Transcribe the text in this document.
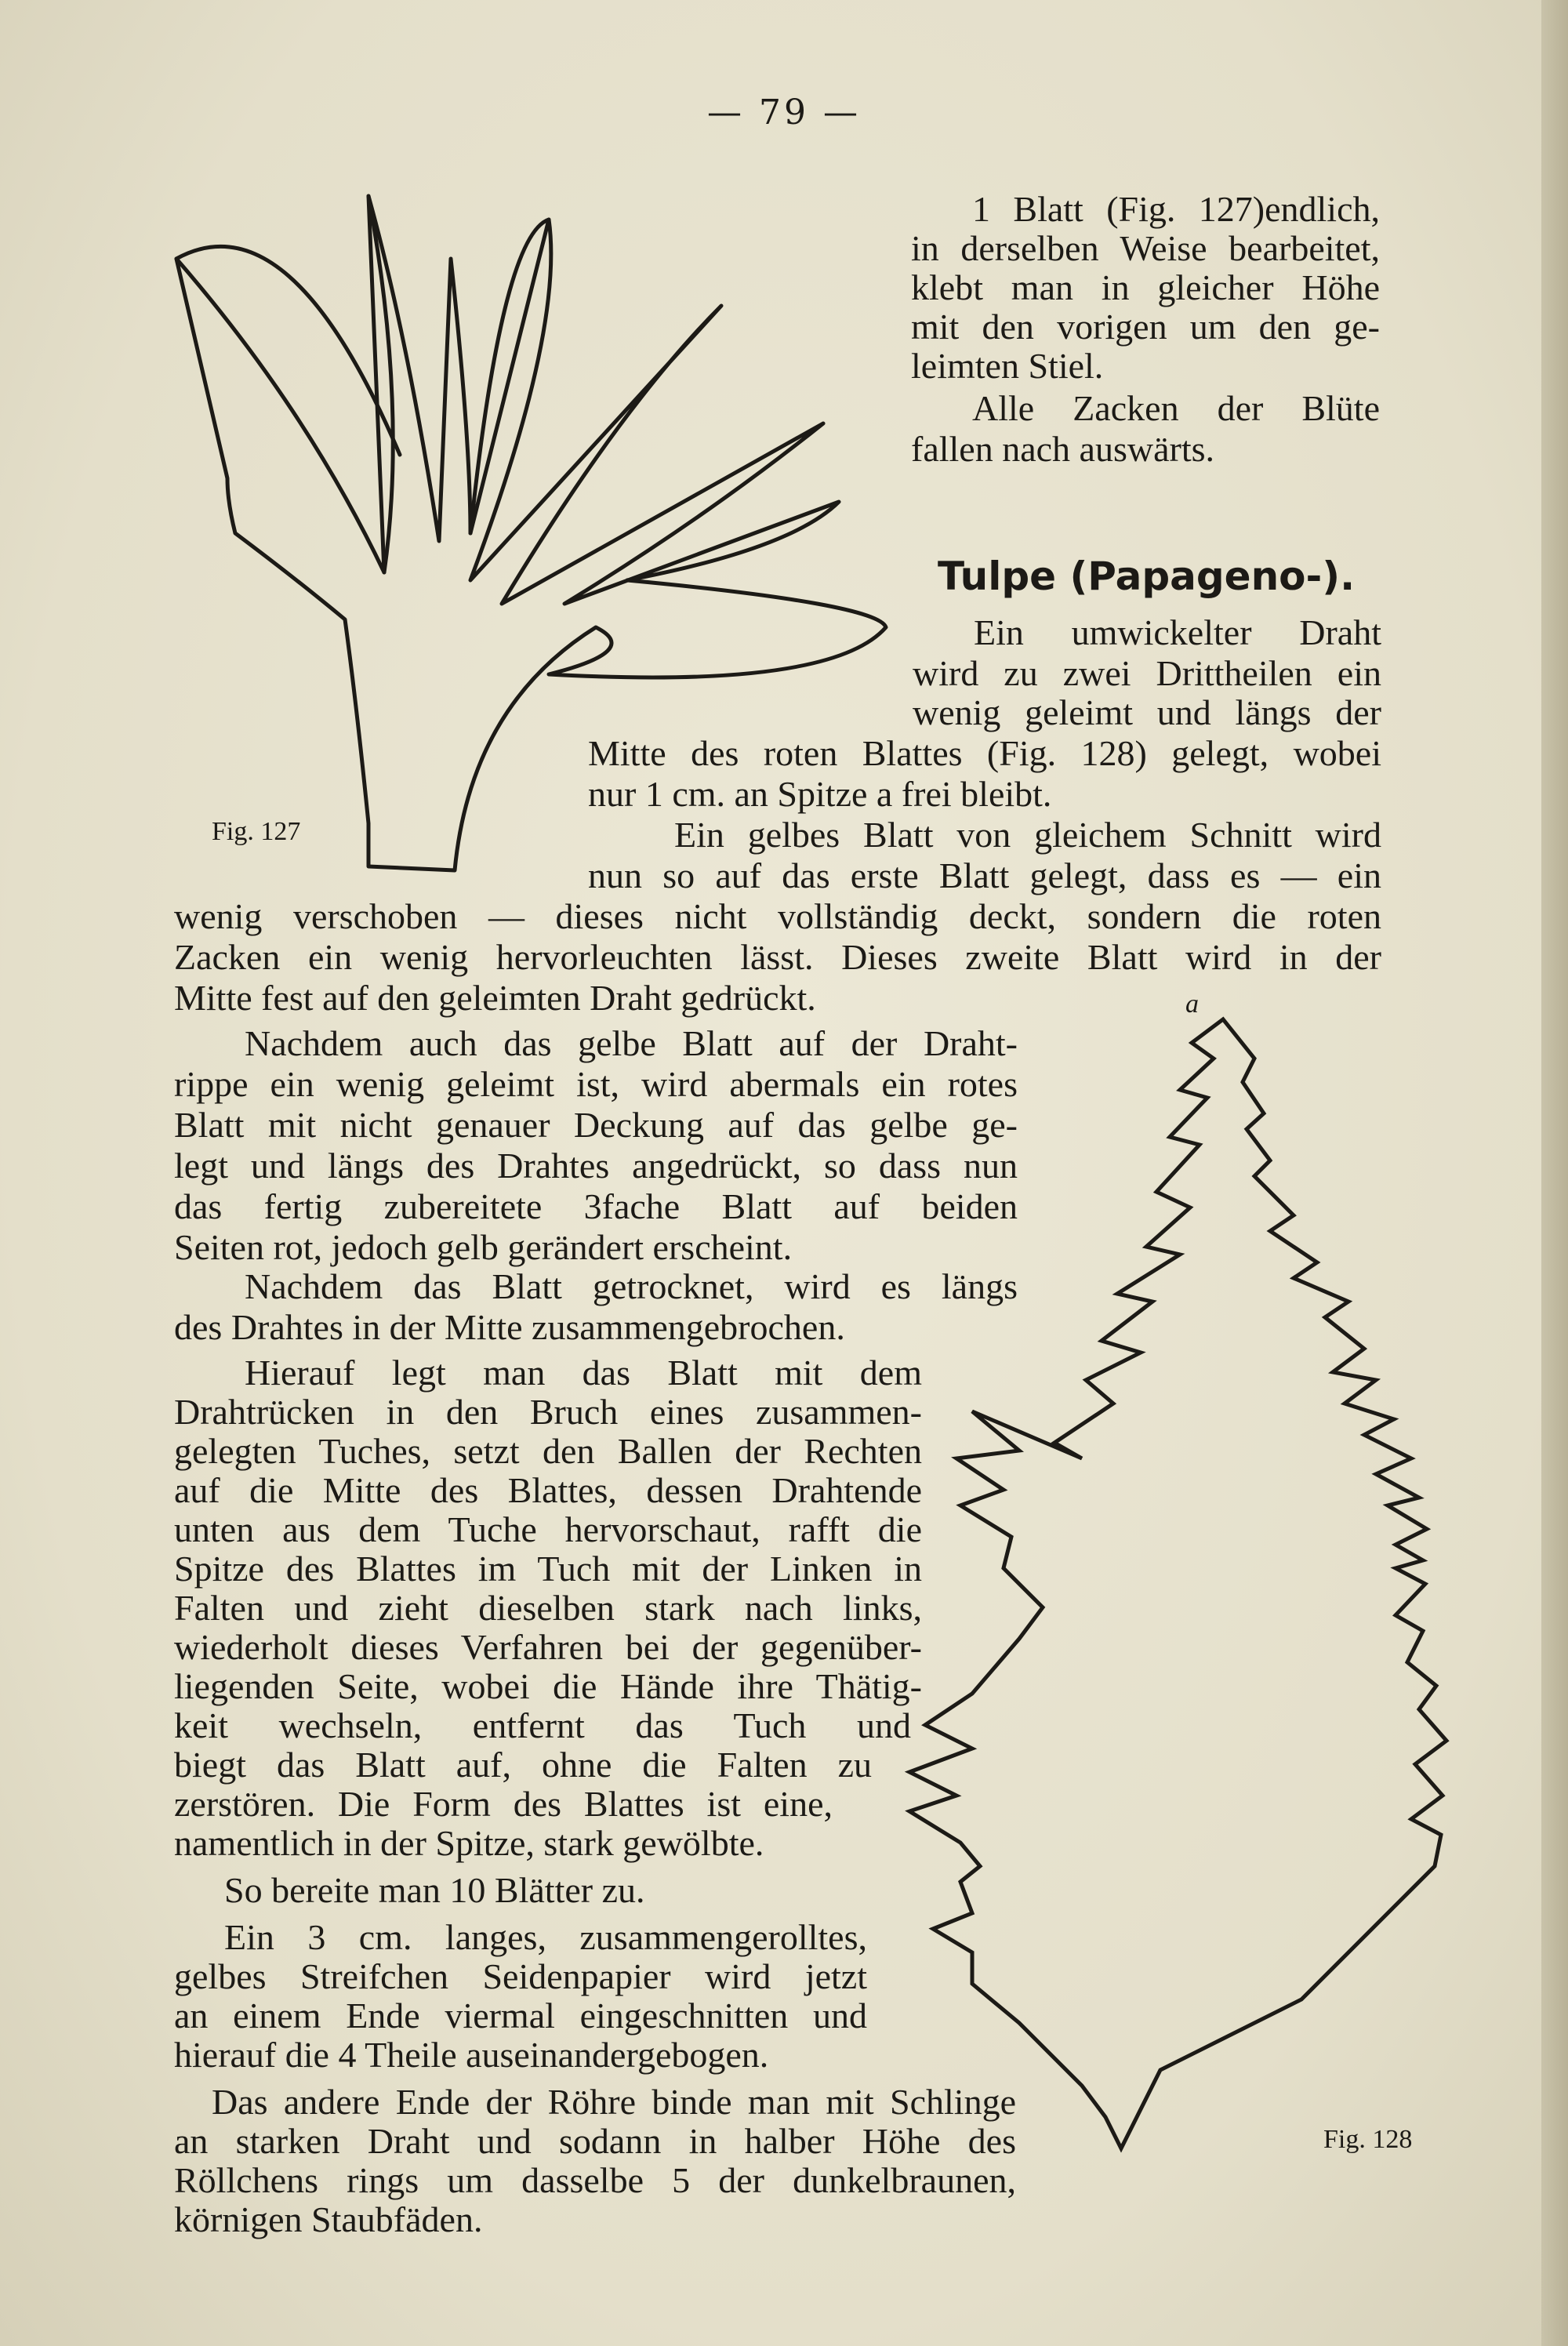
— 79 —
Fig. 127
a
Fig. 128
Tulpe (Papageno-).
1 Blatt (Fig. 127)endlich,
in derselben Weise bearbeitet,
klebt man in gleicher Höhe
mit den vorigen um den ge-
leimten Stiel.
Alle Zacken der Blüte
fallen nach auswärts.
Ein umwickelter Draht
wird zu zwei Drittheilen ein
wenig geleimt und längs der
Mitte des roten Blattes (Fig. 128) gelegt, wobei
nur 1 cm. an Spitze a frei bleibt.
Ein gelbes Blatt von gleichem Schnitt wird
nun so auf das erste Blatt gelegt, dass es — ein
wenig verschoben — dieses nicht vollständig deckt, sondern die roten
Zacken ein wenig hervorleuchten lässt. Dieses zweite Blatt wird in der
Mitte fest auf den geleimten Draht gedrückt.
Nachdem auch das gelbe Blatt auf der Draht-
rippe ein wenig geleimt ist, wird abermals ein rotes
Blatt mit nicht genauer Deckung auf das gelbe ge-
legt und längs des Drahtes angedrückt, so dass nun
das fertig zubereitete 3fache Blatt auf beiden
Seiten rot, jedoch gelb gerändert erscheint.
Nachdem das Blatt getrocknet, wird es längs
des Drahtes in der Mitte zusammengebrochen.
Hierauf legt man das Blatt mit dem
Drahtrücken in den Bruch eines zusammen-
gelegten Tuches, setzt den Ballen der Rechten
auf die Mitte des Blattes, dessen Drahtende
unten aus dem Tuche hervorschaut, rafft die
Spitze des Blattes im Tuch mit der Linken in
Falten und zieht dieselben stark nach links,
wiederholt dieses Verfahren bei der gegenüber-
liegenden Seite, wobei die Hände ihre Thätig-
keit wechseln, entfernt das Tuch und
biegt das Blatt auf, ohne die Falten zu
zerstören. Die Form des Blattes ist eine,
namentlich in der Spitze, stark gewölbte.
So bereite man 10 Blätter zu.
Ein 3 cm. langes, zusammengerolltes,
gelbes Streifchen Seidenpapier wird jetzt
an einem Ende viermal eingeschnitten und
hierauf die 4 Theile auseinandergebogen.
Das andere Ende der Röhre binde man mit Schlinge
an starken Draht und sodann in halber Höhe des
Röllchens rings um dasselbe 5 der dunkelbraunen,
körnigen Staubfäden.
